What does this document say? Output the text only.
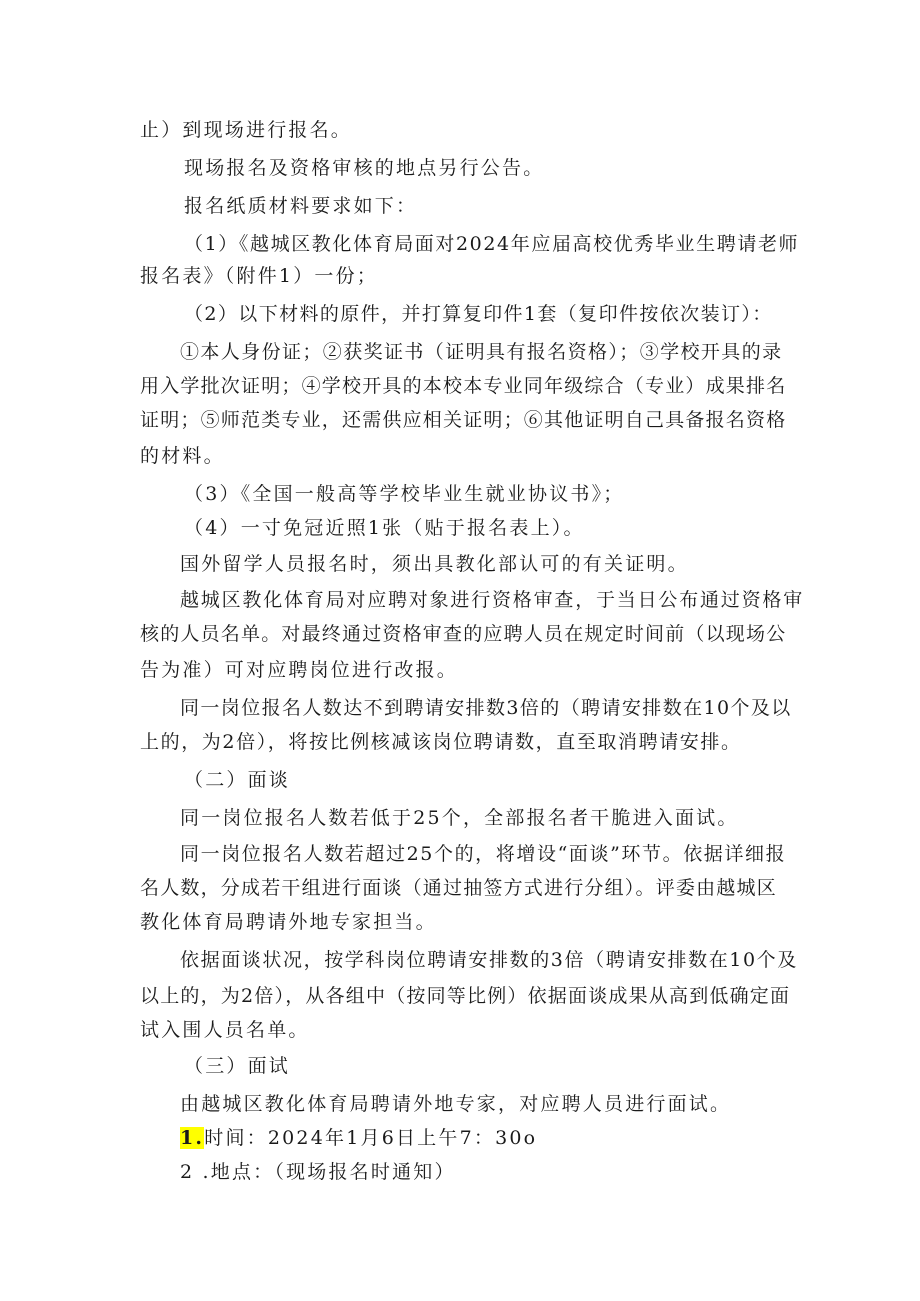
止）到现场进行报名。
现场报名及资格审核的地点另行公告。
报名纸质材料要求如下：
（1）《越城区教化体育局面对2024年应届高校优秀毕业生聘请老师
报名表》（附件1）一份；
（2）以下材料的原件，并打算复印件1套（复印件按依次装订）：
①本人身份证；②获奖证书（证明具有报名资格）；③学校开具的录
用入学批次证明；④学校开具的本校本专业同年级综合（专业）成果排名
证明；⑤师范类专业，还需供应相关证明；⑥其他证明自己具备报名资格
的材料。
（3）《全国一般高等学校毕业生就业协议书》；
（4）一寸免冠近照1张（贴于报名表上）。
国外留学人员报名时，须出具教化部认可的有关证明。
越城区教化体育局对应聘对象进行资格审查，于当日公布通过资格审
核的人员名单。对最终通过资格审查的应聘人员在规定时间前（以现场公
告为准）可对应聘岗位进行改报。
同一岗位报名人数达不到聘请安排数3倍的（聘请安排数在10个及以
上的，为2倍），将按比例核减该岗位聘请数，直至取消聘请安排。
（二）面谈
同一岗位报名人数若低于25个，全部报名者干脆进入面试。
同一岗位报名人数若超过25个的，将增设“面谈”环节。依据详细报
名人数，分成若干组进行面谈（通过抽签方式进行分组）。评委由越城区
教化体育局聘请外地专家担当。
依据面谈状况，按学科岗位聘请安排数的3倍（聘请安排数在10个及
以上的，为2倍），从各组中（按同等比例）依据面谈成果从高到低确定面
试入围人员名单。
（三）面试
由越城区教化体育局聘请外地专家，对应聘人员进行面试。
1.时间：2024年1月6日上午7：30o
2 .地点：（现场报名时通知）
